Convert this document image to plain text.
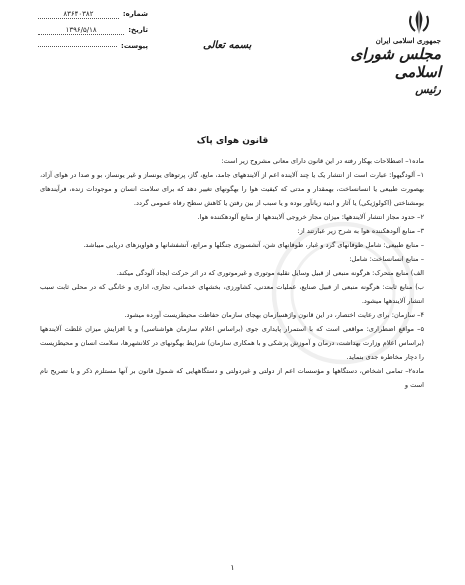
شماره:
۸۳۶۴۰۳۸۲
تاریخ:
۱۳۹۶/۵/۱۸
پیوست:	بسمه تعالی	جمهوری اسلامی ایران
مجلس شورای اسلامی
رئیس
قانون هوای پاک

ماده۱– اصطلاحات بهکار رفته در این قانون دارای معانی مشروح زیر است:

۱– آلودگیهوا: عبارت است از انتشار یک یا چند آلاینده اعم از آلایندههای جامد، مایع، گاز، پرتوهای یونساز و غیر یونساز، بو و صدا در هوای آزاد، بهصورت طبیعی یا انسانساخت، بهمقدار و مدتی که کیفیت هوا را بهگونهای تغییر دهد که برای سلامت انسان و موجودات زنده، فرآیندهای بومشناختی (اکولوژیکی) یا آثار و ابنیه زیانآور بوده و یا سبب از بین رفتن یا کاهش سطح رفاه عمومی گردد.

۲– حدود مجاز انتشار آلایندهها: میزان مجاز خروجی آلایندهها از منابع آلودهکننده هوا.

۳– منابع آلودهکننده هوا به شرح زیر عبارتند از:

– منابع طبیعی: شامل طوفانهای گرد و غبار، طوفانهای شن، آتشسوزی جنگلها و مراتع، آتشفشانها و هواویزهای دریایی میباشد.

– منابع انسانساخت: شامل:

الف) منابع متحرک: هرگونه منبعی از قبیل وسایل نقلیه موتوری و غیرموتوری که در اثر حرکت ایجاد آلودگی میکند.

ب) منابع ثابت: هرگونه منبعی از قبیل صنایع، عملیات معدنی، کشاورزی، بخشهای خدماتی، تجاری، اداری و خانگی که در محلی ثابت سبب انتشار آلایندهها میشود.

۴– سازمان: برای رعایت اختصار، در این قانون واژهسازمان بهجای سازمان حفاظت محیطزیست آورده میشود.

۵– مواقع اضطراری: مواقعی است که با استمرار پایداری جوی (براساس اعلام سازمان هواشناسی) و یا افزایش میزان غلظت آلایندهها (براساس اعلام وزارت بهداشت، درمان و آموزش پزشکی و با همکاری سازمان) شرایط بهگونهای در کلانشهرها، سلامت انسان و محیطزیست را دچار مخاطره جدی بنماید.

ماده۲– تمامی اشخاص، دستگاهها و مؤسسات اعم از دولتی و غیردولتی و دستگاههایی که شمول قانون بر آنها مستلزم ذکر و یا تصریح نام است و

۱
